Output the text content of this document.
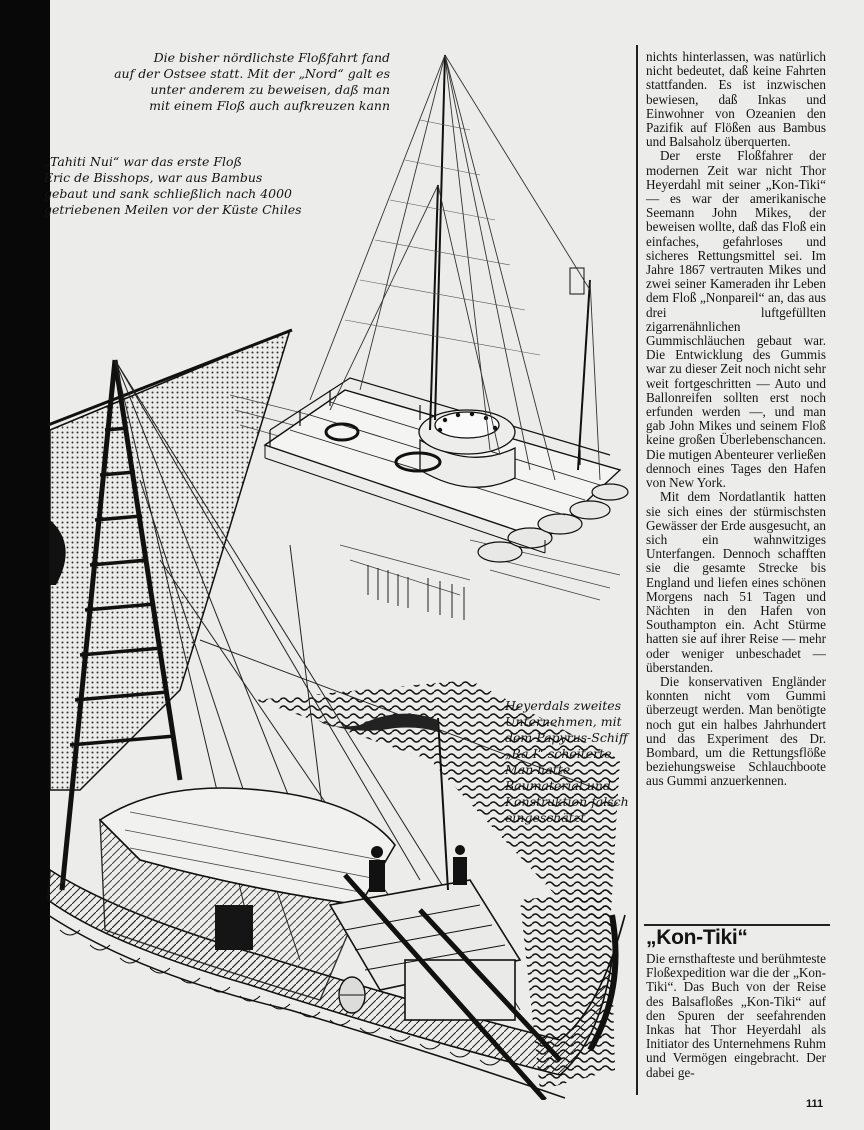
Die bisher nördlichste Floßfahrt fand
auf der Ostsee statt. Mit der „Nord“ galt es
unter anderem zu beweisen, daß man
mit einem Floß auch aufkreuzen kann

„Tahiti Nui“ war das erste Floß
Eric de Bisshops, war aus Bambus
gebaut und sank schließlich nach 4000
getriebenen Meilen vor der Küste Chiles

Heyerdals zweites Unternehmen, mit dem Papyrus-Schiff „Ra I“ scheiterte. Man hatte Baumaterial und Konstruktion falsch eingeschätzt

nichts hinterlassen, was natürlich nicht bedeutet, daß keine Fahrten stattfanden. Es ist inzwischen bewiesen, daß Inkas und Einwohner von Ozeanien den Pazifik auf Flößen aus Bambus und Balsaholz überquerten.

Der erste Floßfahrer der modernen Zeit war nicht Thor Heyerdahl mit seiner „Kon-Tiki“ — es war der amerikanische Seemann John Mikes, der beweisen wollte, daß das Floß ein einfaches, gefahrloses und sicheres Rettungsmittel sei. Im Jahre 1867 vertrauten Mikes und zwei seiner Kameraden ihr Leben dem Floß „Nonpareil“ an, das aus drei luftgefüllten zigarrenähnlichen Gummischläuchen gebaut war. Die Entwicklung des Gummis war zu dieser Zeit noch nicht sehr weit fortgeschritten — Auto und Ballonreifen sollten erst noch erfunden werden —, und man gab John Mikes und seinem Floß keine großen Überlebenschancen. Die mutigen Abenteurer verließen dennoch eines Tages den Hafen von New York.

Mit dem Nordatlantik hatten sie sich eines der stürmischsten Gewässer der Erde ausgesucht, an sich ein wahnwitziges Unterfangen. Dennoch schafften sie die gesamte Strecke bis England und liefen eines schönen Morgens nach 51 Tagen und Nächten in den Hafen von Southampton ein. Acht Stürme hatten sie auf ihrer Reise — mehr oder weniger unbeschadet — überstanden.

Die konservativen Engländer konnten nicht vom Gummi überzeugt werden. Man benötigte noch gut ein halbes Jahrhundert und das Experiment des Dr. Bombard, um die Rettungsflöße beziehungsweise Schlauchboote aus Gummi anzuerkennen.

„Kon-Tiki“

Die ernsthafteste und berühmteste Floßexpedition war die der „Kon-Tiki“. Das Buch von der Reise des Balsafloßes „Kon-Tiki“ auf den Spuren der seefahrenden Inkas hat Thor Heyerdahl als Initiator des Unternehmens Ruhm und Vermögen eingebracht. Der dabei ge-

111
